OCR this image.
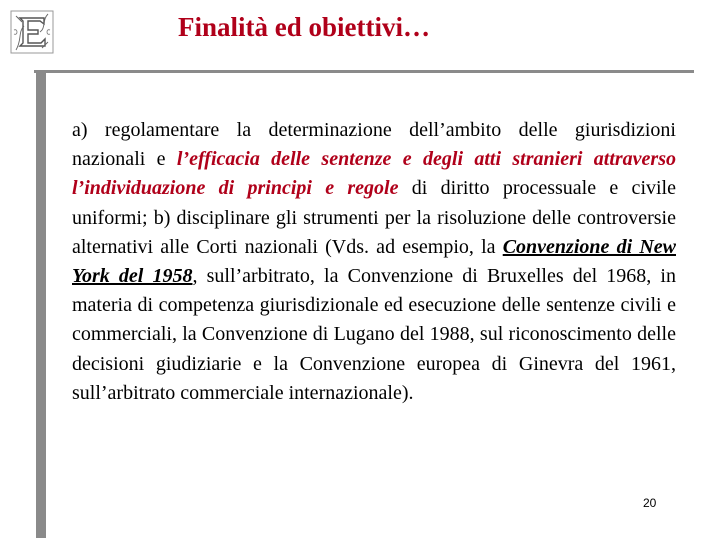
Finalità ed obiettivi…
a) regolamentare la determinazione dell’ambito delle giurisdizioni nazionali e l’efficacia delle sentenze e degli atti stranieri attraverso l’individuazione di principi e regole di diritto processuale e civile uniformi; b) disciplinare gli strumenti per la risoluzione delle controversie alternativi alle Corti nazionali (Vds. ad esempio, la Convenzione di New York del 1958, sull’arbitrato, la Convenzione di Bruxelles del 1968, in materia di competenza giurisdizionale ed esecuzione delle sentenze civili e commerciali, la Convenzione di Lugano del 1988, sul riconoscimento delle decisioni giudiziarie e la Convenzione europea di Ginevra del 1961, sull’arbitrato commerciale internazionale).
20
